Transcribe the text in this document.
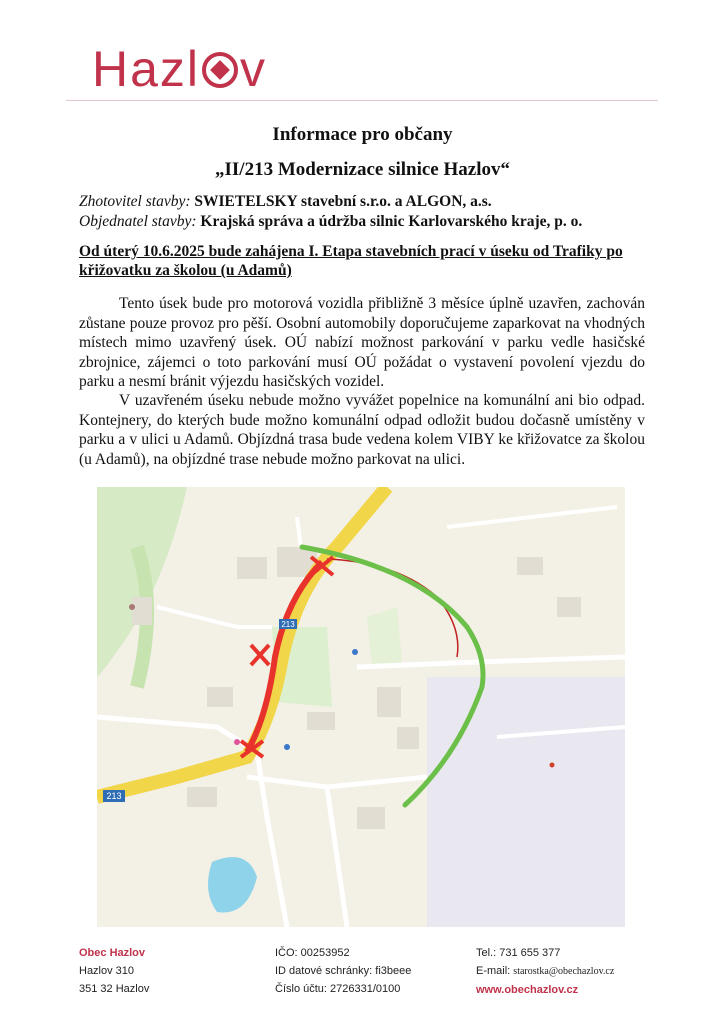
Hazl v
Informace pro občany
„II/213 Modernizace silnice Hazlov“
Zhotovitel stavby: SWIETELSKY stavební s.r.o. a ALGON, a.s.
Objednatel stavby: Krajská správa a údržba silnic Karlovarského kraje, p. o.
Od úterý 10.6.2025 bude zahájena I. Etapa stavebních prací v úseku od Trafiky po křižovatku za školou (u Adamů)

Tento úsek bude pro motorová vozidla přibližně 3 měsíce úplně uzavřen, zachován zůstane pouze provoz pro pěší. Osobní automobily doporučujeme zaparkovat na vhodných místech mimo uzavřený úsek. OÚ nabízí možnost parkování v parku vedle hasičské zbrojnice, zájemci o toto parkování musí OÚ požádat o vystavení povolení vjezdu do parku a nesmí bránit výjezdu hasičských vozidel.

V uzavřeném úseku nebude možno vyvážet popelnice na komunální ani bio odpad. Kontejnery, do kterých bude možno komunální odpad odložit budou dočasně umístěny v parku a v ulici u Adamů. Objízdná trasa bude vedena kolem VIBY ke křižovatce za školou (u Adamů), na objízdné trase nebude možno parkovat na ulici.

213
213
Obec Hazlov
Hazlov 310
351 32 Hazlov
IČO: 00253952
ID datové schránky: fi3beee
Číslo účtu: 2726331/0100
Tel.: 731 655 377
E-mail: starostka@obechazlov.cz
www.obechazlov.cz
